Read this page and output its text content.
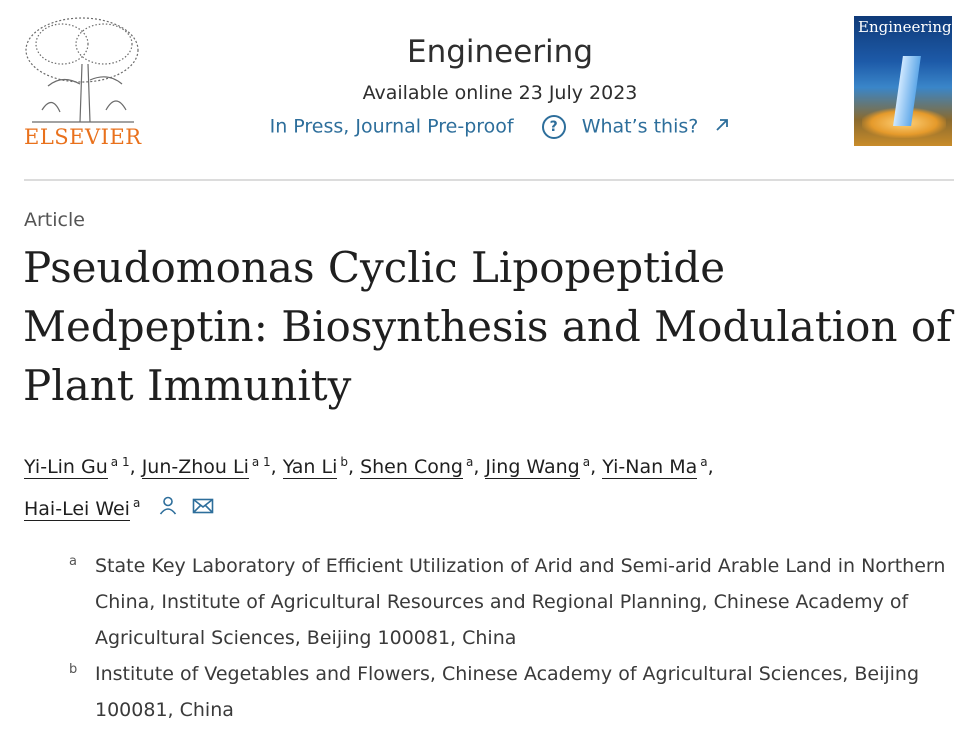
ELSEVIER
Engineering
Available online 23 July 2023
In Press, Journal Pre-proof	? What’s this?
Engineering
Article
Pseudomonas Cyclic Lipopeptide Medpeptin: Biosynthesis and Modulation of Plant Immunity
Yi-Lin Gu $^{a 1}$, Jun-Zhou Li $^{a 1}$, Yan Li $^b$, Shen Cong $^a$, Jing Wang $^a$, Yi-Nan Ma $^a$,
Hai-Lei Wei $^a$
a State Key Laboratory of Efficient Utilization of Arid and Semi-arid Arable Land in Northern China, Institute of Agricultural Resources and Regional Planning, Chinese Academy of Agricultural Sciences, Beijing 100081, China
b Institute of Vegetables and Flowers, Chinese Academy of Agricultural Sciences, Beijing 100081, China
